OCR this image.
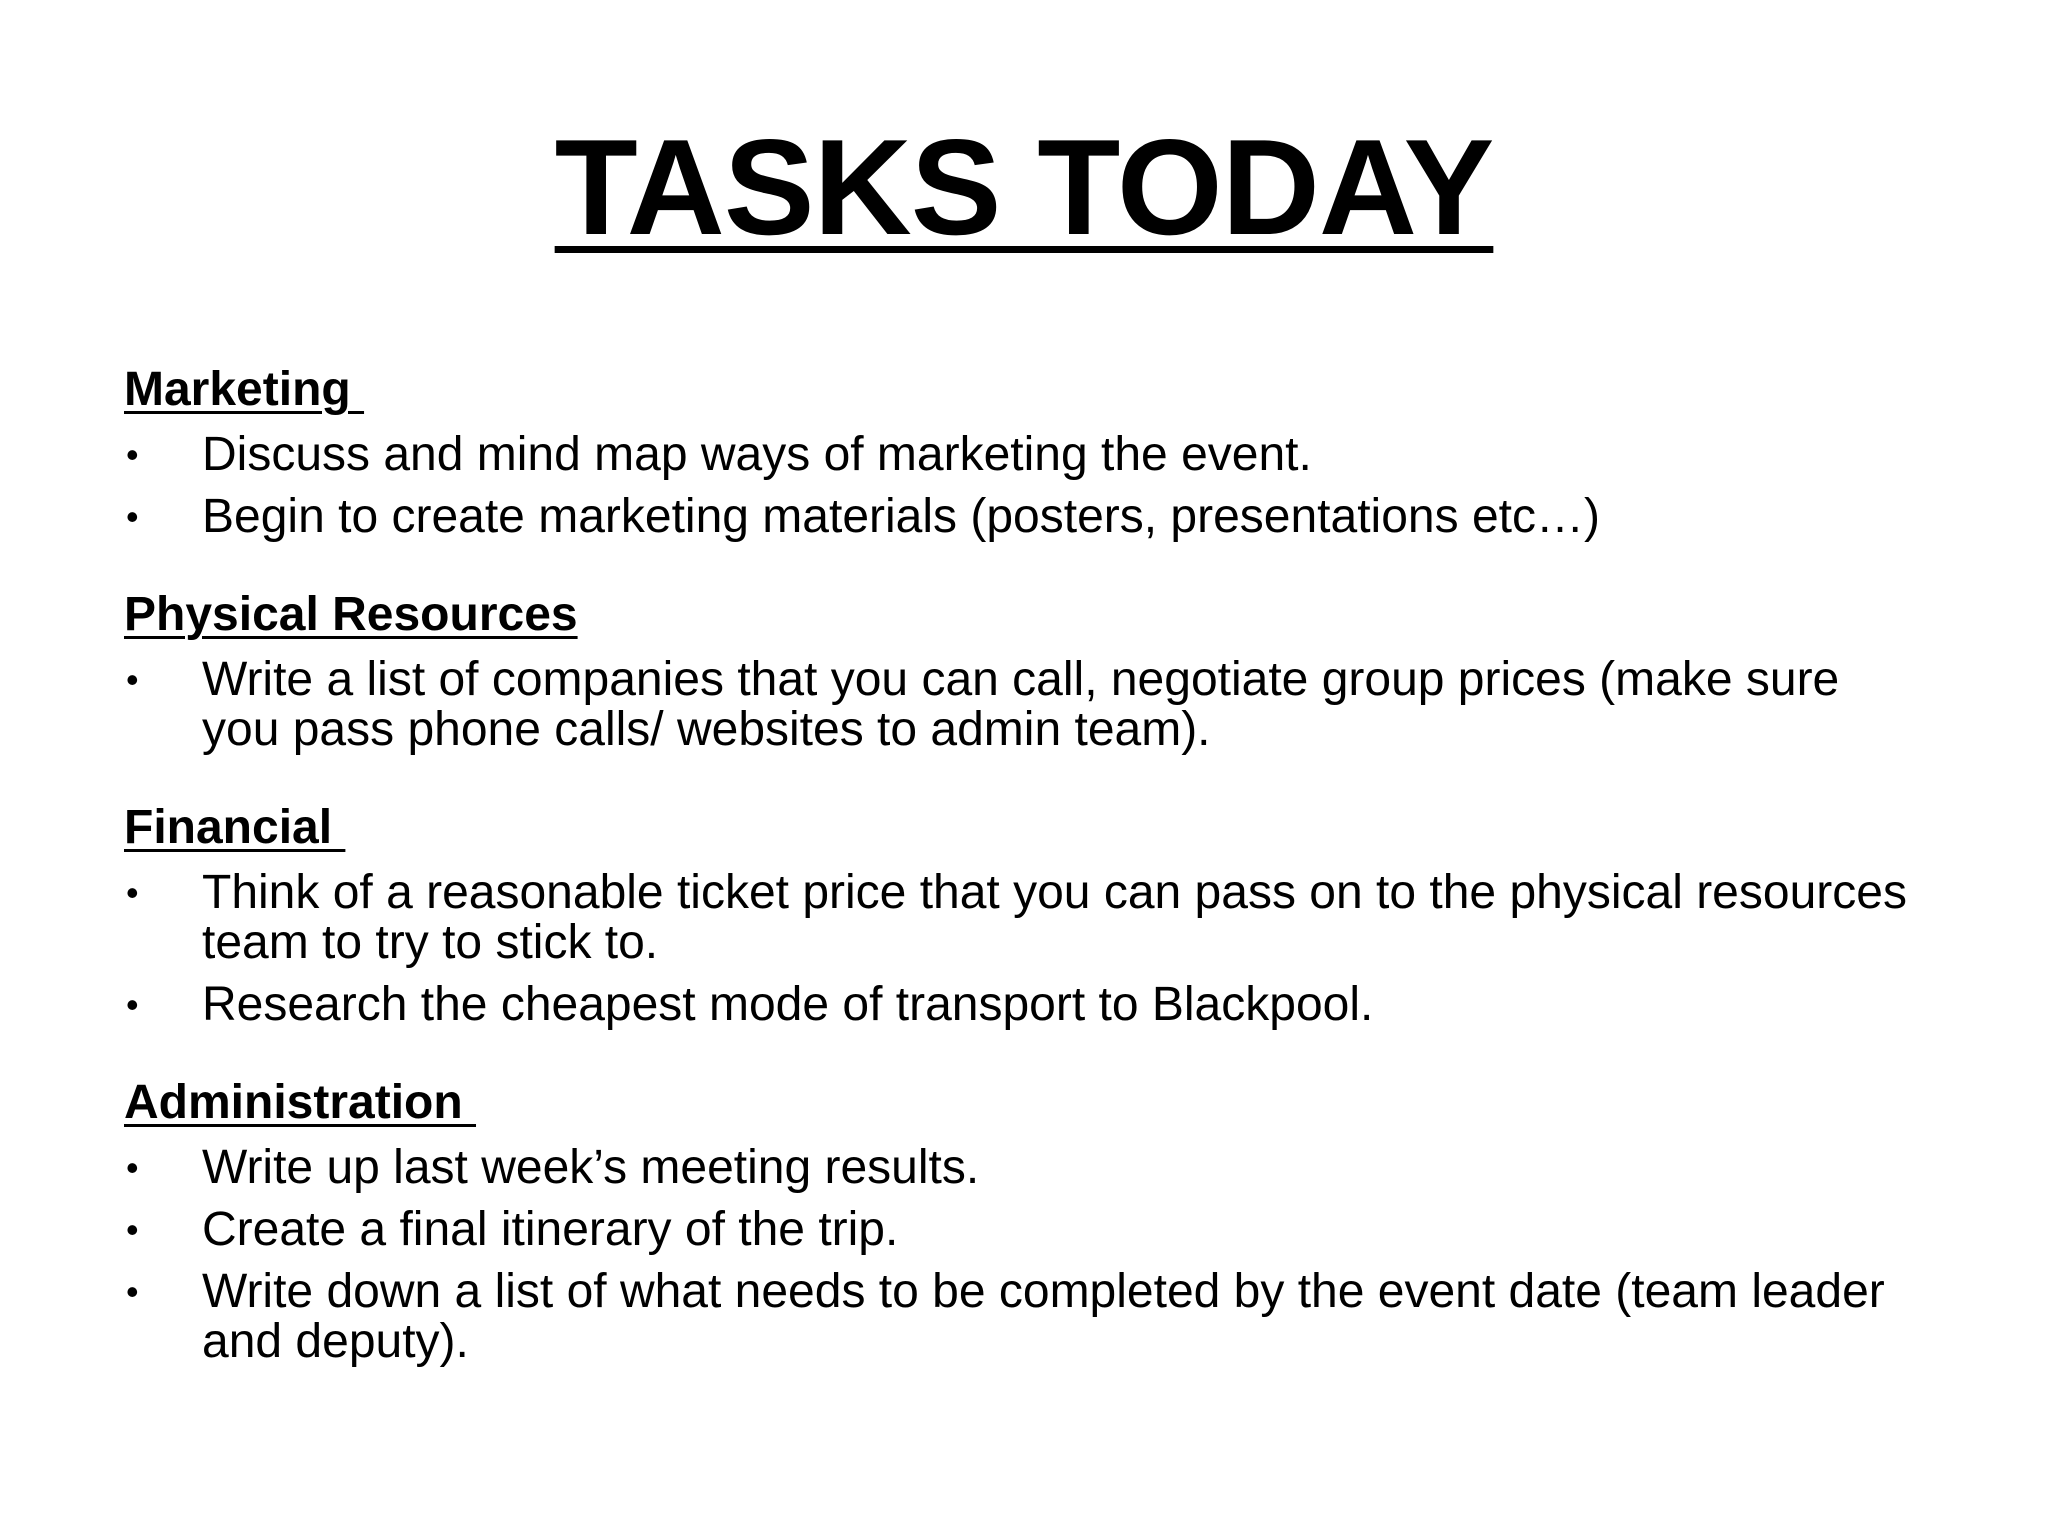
TASKS TODAY
Marketing
• Discuss and mind map ways of marketing the event.
• Begin to create marketing materials (posters, presentations etc…)
Physical Resources
• Write a list of companies that you can call, negotiate group prices (make sure you pass phone calls/ websites to admin team).
Financial
• Think of a reasonable ticket price that you can pass on to the physical resources team to try to stick to.
• Research the cheapest mode of transport to Blackpool.
Administration
• Write up last week’s meeting results.
• Create a final itinerary of the trip.
• Write down a list of what needs to be completed by the event date (team leader and deputy).
